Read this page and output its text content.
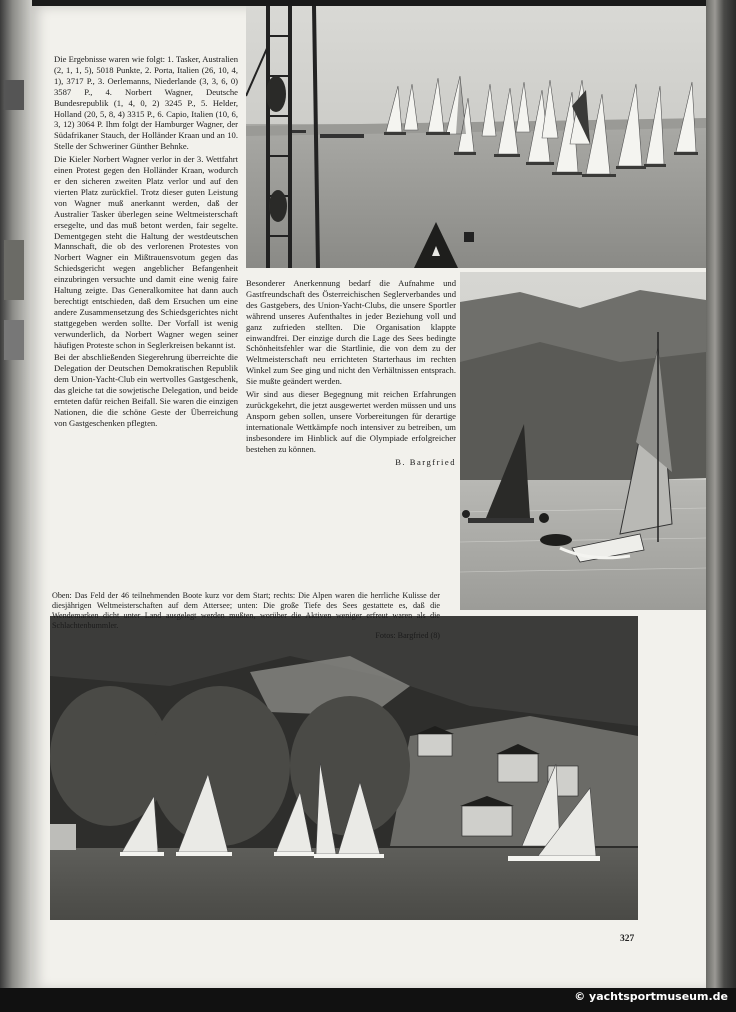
Die Ergebnisse waren wie folgt: 1. Tasker, Australien (2, 1, 1, 5), 5018 Punkte, 2. Porta, Italien (26, 10, 4, 1), 3717 P., 3. Oerlemanns, Niederlande (3, 3, 6, 0) 3587 P., 4. Norbert Wagner, Deutsche Bundesrepublik (1, 4, 0, 2) 3245 P., 5. Helder, Holland (20, 5, 8, 4) 3315 P., 6. Capio, Italien (10, 6, 3, 12) 3064 P. Ihm folgt der Hamburger Wagner, der Südafrikaner Stauch, der Holländer Kraan und an 10. Stelle der Schweriner Günther Behnke.

Die Kieler Norbert Wagner verlor in der 3. Wettfahrt einen Protest gegen den Holländer Kraan, wodurch er den sicheren zweiten Platz verlor und auf den vierten Platz zurückfiel. Trotz dieser guten Leistung von Wagner muß anerkannt werden, daß der Australier Tasker überlegen seine Weltmeisterschaft ersegelte, und das muß betont werden, fair segelte. Dementgegen steht die Haltung der westdeutschen Mannschaft, die ob des verlorenen Protestes von Norbert Wagner ein Mißtrauensvotum gegen das Schiedsgericht wegen angeblicher Befangenheit einzubringen versuchte und damit eine wenig faire Haltung zeigte. Das Generalkomitee hat dann auch berechtigt entschieden, daß dem Ersuchen um eine andere Zusammensetzung des Schiedsgerichtes nicht stattgegeben werden sollte. Der Vorfall ist wenig verwunderlich, da Norbert Wagner wegen seiner häufigen Proteste schon in Seglerkreisen bekannt ist.

Bei der abschließenden Siegerehrung überreichte die Delegation der Deutschen Demokratischen Republik dem Union-Yacht-Club ein wertvolles Gastgeschenk, das gleiche tat die sowjetische Delegation, und beide ernteten dafür reichen Beifall. Sie waren die einzigen Nationen, die die schöne Geste der Überreichung von Gastgeschenken pflegten.

Besonderer Anerkennung bedarf die Aufnahme und Gastfreundschaft des Österreichischen Seglerverbandes und des Gastgebers, des Union-Yacht-Clubs, die unsere Sportler während unseres Aufenthaltes in jeder Beziehung voll und ganz zufrieden stellten. Die Organisation klappte einwandfrei. Der einzige durch die Lage des Sees bedingte Schönheitsfehler war die Startlinie, die von dem zu der Weltmeisterschaft neu errichteten Starterhaus im rechten Winkel zum See ging und nicht den Verhältnissen entsprach. Sie mußte geändert werden.

Wir sind aus dieser Begegnung mit reichen Erfahrungen zurückgekehrt, die jetzt ausgewertet werden müssen und uns Ansporn geben sollen, unsere Vorbereitungen für derartige internationale Wettkämpfe noch intensiver zu betreiben, um insbesondere im Hinblick auf die Olympiade erfolgreicher bestehen zu können.

B. Bargfried
Oben: Das Feld der 46 teilnehmenden Boote kurz vor dem Start; rechts: Die Alpen waren die herrliche Kulisse der diesjährigen Weltmeisterschaften auf dem Attersee; unten: Die große Tiefe des Sees gestattete es, daß die Wendemarken dicht unter Land ausgelegt werden mußten, worüber die Aktiven weniger erfreut waren als die Schlachtenbummler.
Fotos: Bargfried (8)
327
© yachtsportmuseum.de
